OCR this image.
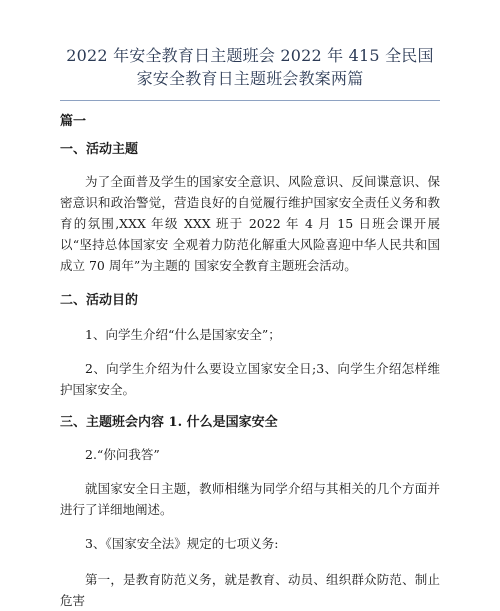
2022 年安全教育日主题班会 2022 年 415 全民国家安全教育日主题班会教案两篇

篇一

一、活动主题

为了全面普及学生的国家安全意识、风险意识、反间谍意识、保密意识和政治警觉，营造良好的自觉履行维护国家安全责任义务和教育的氛围,XXX 年级 XXX 班于 2022 年 4 月 15 日班会课开展以“坚持总体国家安 全观着力防范化解重大风险喜迎中华人民共和国成立 70 周年”为主题的 国家安全教育主题班会活动。

二、活动目的

1、向学生介绍“什么是国家安全”；

2、向学生介绍为什么要设立国家安全日;3、向学生介绍怎样维护国家安全。

三、主题班会内容 1. 什么是国家安全

2.“你问我答”

就国家安全日主题，教师相继为同学介绍与其相关的几个方面并进行了详细地阐述。

3、《国家安全法》规定的七项义务:

第一，是教育防范义务，就是教育、动员、组织群众防范、制止危害
